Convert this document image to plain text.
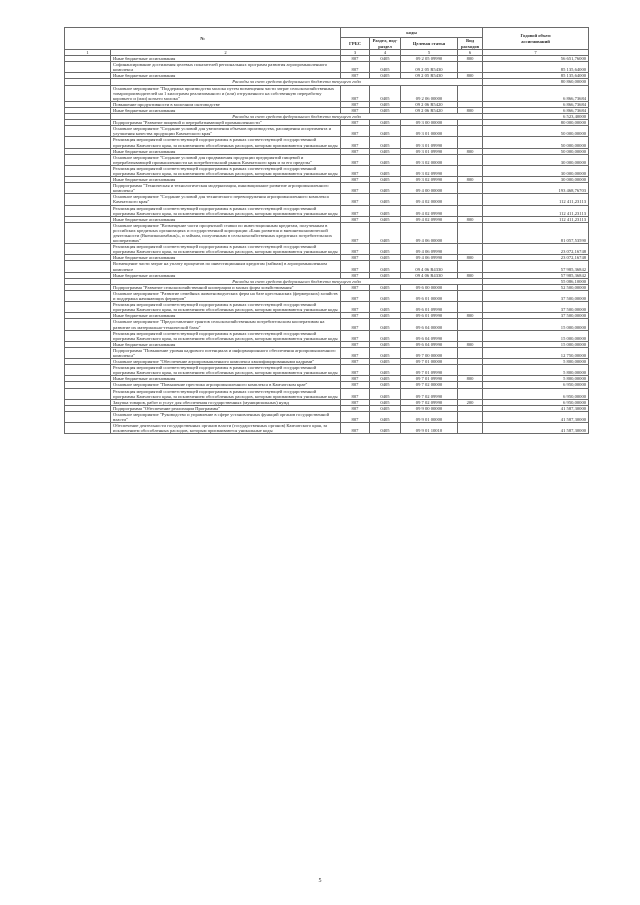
№		коды				Годовой объем
ассигнований
		ГРБС	Раздел, под-
раздел	Целевая статья	Вид
расходов	
1	2	3	4	5	6	7
	Иные бюджетные ассигнования	807	0405	09 2 05 09990	800	56 651,76000
	Софинансирование достижения целевых показателей региональных программ развития агропромышленного комплекса	807	0405	09 2 05 R5430		85 135,64000
	Иные бюджетные ассигнования	807	0405	09 2 05 R5430	800	85 135,64000
	Расходы за счет средств федерального бюджета текущего года					80 860,00000
	Основное мероприятие "Поддержка производства молока путем возмещения части затрат сельскохозяйственных товаропроизводителей на 1 килограмм реализованного и (или) отгруженного на собственную переработку коровьего и (или) козьего молока"	807	0405	09 2 06 00000		6 866,73684
	Повышение продуктивности в молочном скотоводстве	807	0405	09 2 06 R5420		6 866,73684
	Иные бюджетные ассигнования	807	0405	09 2 06 R5420	800	6 866,73684
	Расходы за счет средств федерального бюджета текущего года					6 523,40000
	Подпрограмма "Развитие пищевой и перерабатывающей промышленности"	807	0405	09 3 00 00000		80 000,00000
	Основное мероприятие "Создание условий для увеличения объемов производства, расширения ассортимента и улучшения качества продукции Камчатского края"	807	0405	09 3 01 00000		50 000,00000
	Реализация мероприятий соответствующей подпрограммы в рамках соответствующей государственной программы Камчатского края, за исключением обособленных расходов, которым присваиваются уникальные коды	807	0405	09 3 01 09990		50 000,00000
	Иные бюджетные ассигнования	807	0405	09 3 01 09990	800	50 000,00000
	Основное мероприятие "Создание условий для продвижения продукции предприятий пищевой и перерабатывающей промышленности на потребительский рынок Камчатского края и за его пределы"	807	0405	09 3 02 00000		30 000,00000
	Реализация мероприятий соответствующей подпрограммы в рамках соответствующей государственной программы Камчатского края, за исключением обособленных расходов, которым присваиваются уникальные коды	807	0405	09 3 02 09990		30 000,00000
	Иные бюджетные ассигнования	807	0405	09 3 02 09990	800	30 000,00000
	Подпрограмма "Техническая и технологическая модернизация, инновационное развитие агропромышленного комплекса"	807	0405	09 4 00 00000		193 468,76703
	Основное мероприятие "Создание условий для технического перевооружения агропромышленного комплекса Камчатского края"	807	0405	09 4 02 00000		112 411,23113
	Реализация мероприятий соответствующей подпрограммы в рамках соответствующей государственной программы Камчатского края, за исключением обособленных расходов, которым присваиваются уникальные коды	807	0405	09 4 02 09990		112 411,23113
	Иные бюджетные ассигнования	807	0405	09 4 02 09990	800	112 411,23113
	Основное мероприятие "Возмещение части процентной ставки по инвестиционным кредитам, полученным в российских кредитных организациях и государственной корпорации «Банк развития и внешнеэкономической деятельности (Внешэкономбанк)», и займам, полученным в сельскохозяйственных кредитных потребительских кооперативах"	807	0405	09 4 06 00000		81 057,53590
	Реализация мероприятий соответствующей подпрограммы в рамках соответствующей государственной программы Камчатского края, за исключением обособленных расходов, которым присваиваются уникальные коды	807	0405	09 4 06 09990		23 072,16748
	Иные бюджетные ассигнования	807	0405	09 4 06 09990	800	23 072,16748
	Возмещение части затрат на уплату процентов по инвестиционным кредитам (займам) в агропромышленном комплексе	807	0405	09 4 06 R4330		57 985,36842
	Иные бюджетные ассигнования	807	0405	09 4 06 R4330	800	57 985,36842
	Расходы за счет средств федерального бюджета текущего года					55 086,10000
	Подпрограмма "Развитие сельскохозяйственной кооперации и малых форм хозяйствования"	807	0405	09 6 00 00000		52 500,00000
	Основное мероприятие "Развитие семейных животноводческих ферм на базе крестьянских (фермерских) хозяйств и поддержка начинающих фермеров"	807	0405	09 6 01 00000		37 500,00000
	Реализация мероприятий соответствующей подпрограммы в рамках соответствующей государственной программы Камчатского края, за исключением обособленных расходов, которым присваиваются уникальные коды	807	0405	09 6 01 09990		37 500,00000
	Иные бюджетные ассигнования	807	0405	09 6 01 09990	800	37 500,00000
	Основное мероприятие "Предоставление грантов сельскохозяйственным потребительским кооперативам на развитие их материально-технической базы"	807	0405	09 6 04 00000		15 000,00000
	Реализация мероприятий соответствующей подпрограммы в рамках соответствующей государственной программы Камчатского края, за исключением обособленных расходов, которым присваиваются уникальные коды	807	0405	09 6 04 09990		15 000,00000
	Иные бюджетные ассигнования	807	0405	09 6 04 09990	800	15 000,00000
	Подпрограмма "Повышение уровня кадрового потенциала и информационного обеспечения агропромышленного комплекса"	807	0405	09 7 00 00000		12 750,00000
	Основное мероприятие "Обеспечение агропромышленного комплекса квалифицированными кадрами"	807	0405	09 7 01 00000		5 800,00000
	Реализация мероприятий соответствующей подпрограммы в рамках соответствующей государственной программы Камчатского края, за исключением обособленных расходов, которым присваиваются уникальные коды	807	0405	09 7 01 09990		5 800,00000
	Иные бюджетные ассигнования	807	0405	09 7 01 09990	800	5 800,00000
	Основное мероприятие "Повышение престижа агропромышленного комплекса в Камчатском крае"	807	0405	09 7 02 00000		6 950,00000
	Реализация мероприятий соответствующей подпрограммы в рамках соответствующей государственной программы Камчатского края, за исключением обособленных расходов, которым присваиваются уникальные коды	807	0405	09 7 02 09990		6 950,00000
	Закупка товаров, работ и услуг для обеспечения государственных (муниципальных) нужд	807	0405	09 7 02 09990	200	6 950,00000
	Подпрограмма "Обеспечение реализации Программы"	807	0405	09 9 00 00000		41 587,30000
	Основное мероприятие "Руководство и управление в сфере установленных функций органов государственной власти"	807	0405	09 9 01 00000		41 587,30000
	Обеспечение деятельности государственных органов власти (государственных органов) Камчатского края, за исключением обособленных расходов, которым присваиваются уникальные коды	807	0405	09 9 01 10010		41 587,30000
5
